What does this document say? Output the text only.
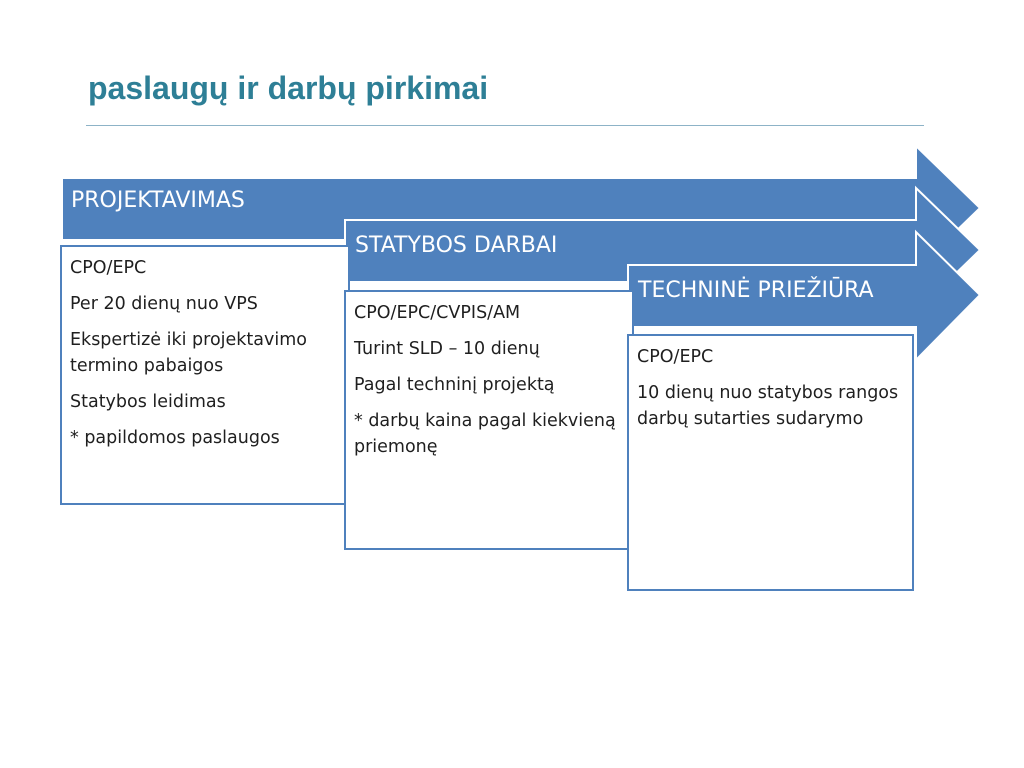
paslaugų ir darbų pirkimai
PROJEKTAVIMAS
CPO/EPC
Per 20 dienų nuo VPS
Ekspertizė iki projektavimo termino pabaigos
Statybos leidimas
* papildomos paslaugos
STATYBOS DARBAI
CPO/EPC/CVPIS/AM
Turint SLD – 10 dienų
Pagal techninį projektą
* darbų kaina pagal kiekvieną priemonę
TECHNINĖ PRIEŽIŪRA
CPO/EPC
10 dienų nuo statybos rangos darbų sutarties sudarymo
